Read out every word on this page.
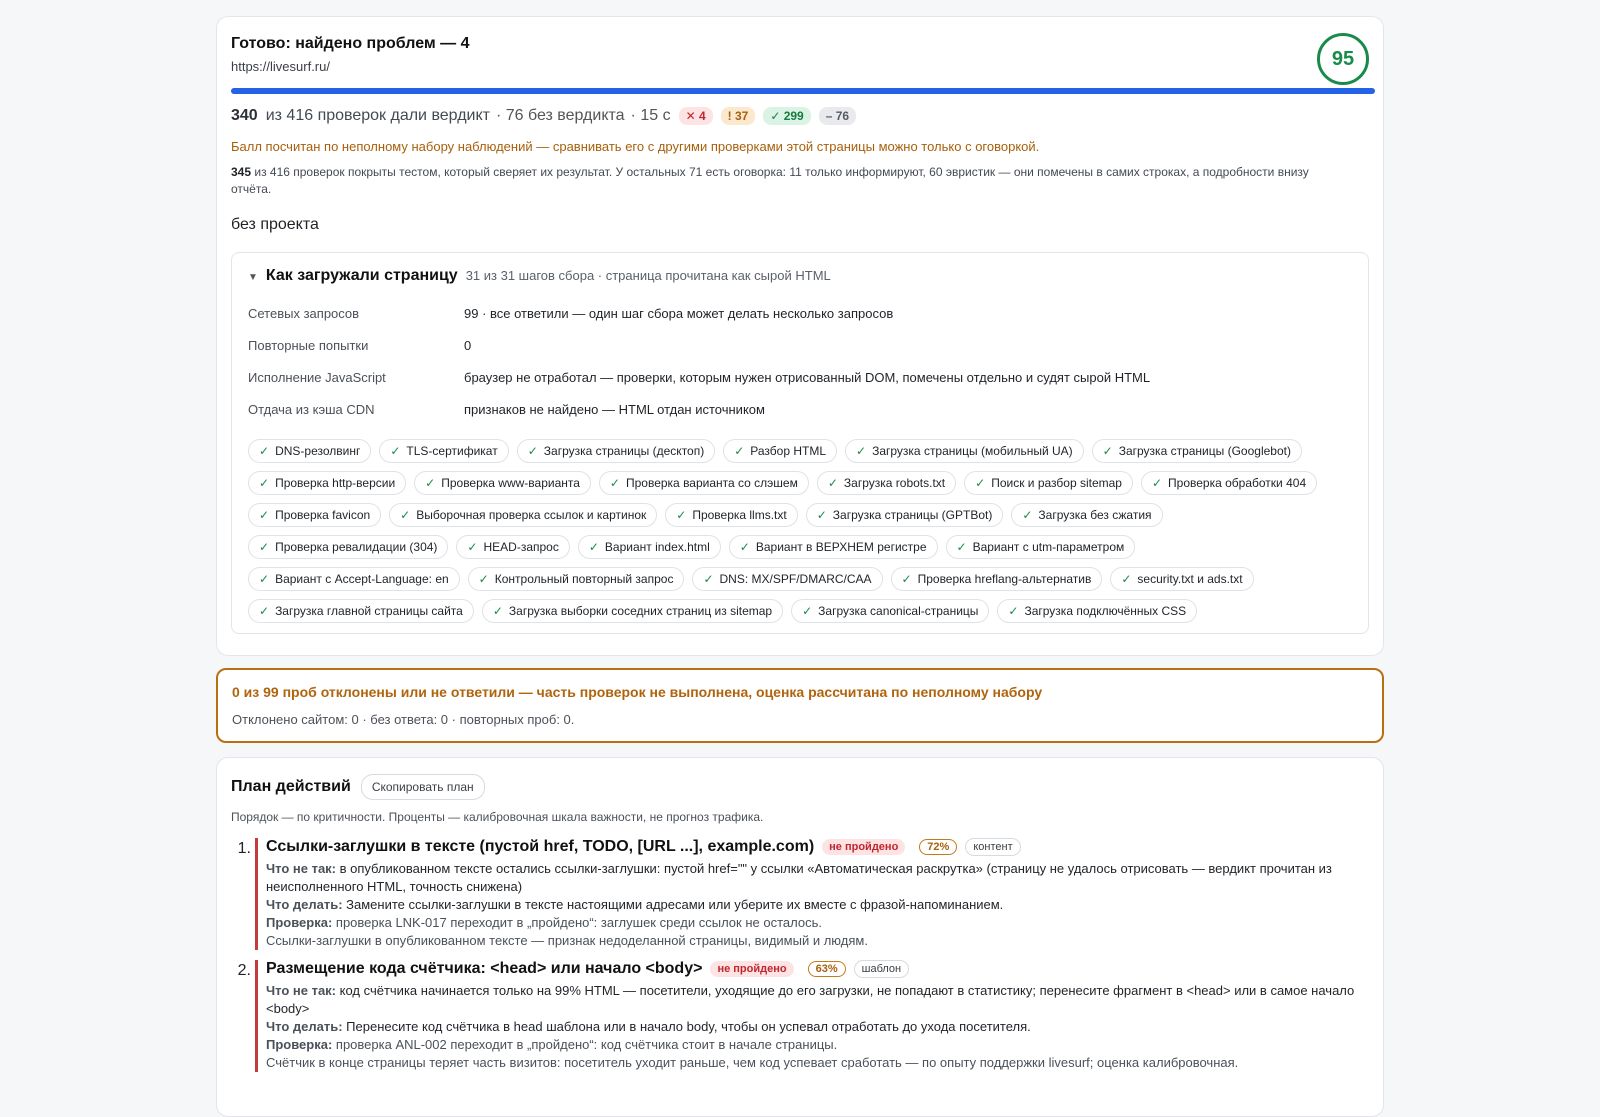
Готово: найдено проблем — 4
https://livesurf.ru/	95
340 из 416 проверок дали вердикт · 76 без вердикта · 15 с	✕ 4	! 37	✓ 299	– 76
Балл посчитан по неполному набору наблюдений — сравнивать его с другими проверками этой страницы можно только с оговоркой.
345 из 416 проверок покрыты тестом, который сверяет их результат. У остальных 71 есть оговорка: 11 только информируют, 60 эвристик — они помечены в самих строках, а подробности внизу отчёта.
без проекта
▼ Как загружали страницу 31 из 31 шагов сбора · страница прочитана как сырой HTML
Сетевых запросов	99 · все ответили — один шаг сбора может делать несколько запросов
Повторные попытки	0
Исполнение JavaScript	браузер не отработал — проверки, которым нужен отрисованный DOM, помечены отдельно и судят сырой HTML
Отдача из кэша CDN	признаков не найдено — HTML отдан источником
✓ DNS-резолвинг	✓ TLS-сертификат	✓ Загрузка страницы (десктоп)	✓ Разбор HTML	✓ Загрузка страницы (мобильный UA)	✓ Загрузка страницы (Googlebot)
✓ Проверка http-версии	✓ Проверка www-варианта	✓ Проверка варианта со слэшем	✓ Загрузка robots.txt	✓ Поиск и разбор sitemap	✓ Проверка обработки 404
✓ Проверка favicon	✓ Выборочная проверка ссылок и картинок	✓ Проверка llms.txt	✓ Загрузка страницы (GPTBot)	✓ Загрузка без сжатия
✓ Проверка ревалидации (304)	✓ HEAD-запрос	✓ Вариант index.html	✓ Вариант в ВЕРХНЕМ регистре	✓ Вариант с utm-параметром
✓ Вариант с Accept-Language: en	✓ Контрольный повторный запрос	✓ DNS: MX/SPF/DMARC/CAA	✓ Проверка hreflang-альтернатив	✓ security.txt и ads.txt
✓ Загрузка главной страницы сайта	✓ Загрузка выборки соседних страниц из sitemap	✓ Загрузка canonical-страницы	✓ Загрузка подключённых CSS
0 из 99 проб отклонены или не ответили — часть проверок не выполнена, оценка рассчитана по неполному набору
Отклонено сайтом: 0 · без ответа: 0 · повторных проб: 0.
План действий	Скопировать план
Порядок — по критичности. Проценты — калибровочная шкала важности, не прогноз трафика.
1. Ссылки-заглушки в тексте (пустой href, TODO, [URL ...], example.com)	не пройдено	72%	контент
Что не так: в опубликованном тексте остались ссылки-заглушки: пустой href="" у ссылки «Автоматическая раскрутка» (страницу не удалось отрисовать — вердикт прочитан из неисполненного HTML, точность снижена)
Что делать: Замените ссылки-заглушки в тексте настоящими адресами или уберите их вместе с фразой-напоминанием.
Проверка: проверка LNK-017 переходит в „пройдено“: заглушек среди ссылок не осталось.
Ссылки-заглушки в опубликованном тексте — признак недоделанной страницы, видимый и людям.
2. Размещение кода счётчика: <head> или начало <body>	не пройдено	63%	шаблон
Что не так: код счётчика начинается только на 99% HTML — посетители, уходящие до его загрузки, не попадают в статистику; перенесите фрагмент в <head> или в самое начало <body>
Что делать: Перенесите код счётчика в head шаблона или в начало body, чтобы он успевал отработать до ухода посетителя.
Проверка: проверка ANL-002 переходит в „пройдено“: код счётчика стоит в начале страницы.
Счётчик в конце страницы теряет часть визитов: посетитель уходит раньше, чем код успевает сработать — по опыту поддержки livesurf; оценка калибровочная.
